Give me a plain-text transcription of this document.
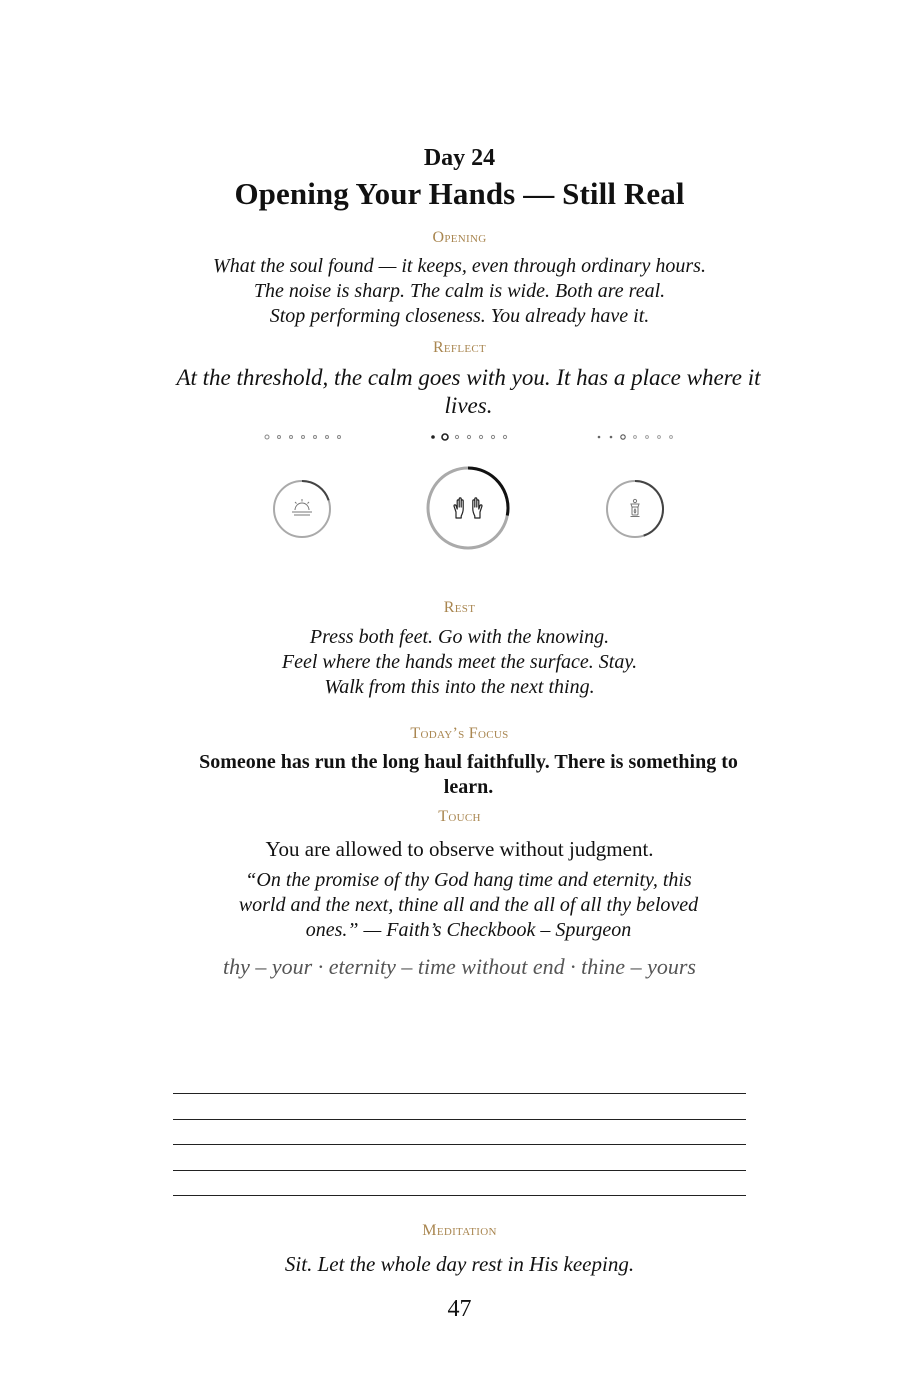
Day 24
Opening Your Hands — Still Real
Opening
What the soul found — it keeps, even through ordinary hours.
The noise is sharp. The calm is wide. Both are real.
Stop performing closeness. You already have it.
Reflect
At the threshold, the calm goes with you. It has a place where it lives.
Rest
Press both feet. Go with the knowing.
Feel where the hands meet the surface. Stay.
Walk from this into the next thing.
Today’s Focus
Someone has run the long haul faithfully. There is something to learn.
Touch
You are allowed to observe without judgment.
“On the promise of thy God hang time and eternity, this world and the next, thine all and the all of all thy beloved ones.” — Faith’s Checkbook – Spurgeon
thy – your · eternity – time without end · thine – yours
Meditation
Sit. Let the whole day rest in His keeping.
47
